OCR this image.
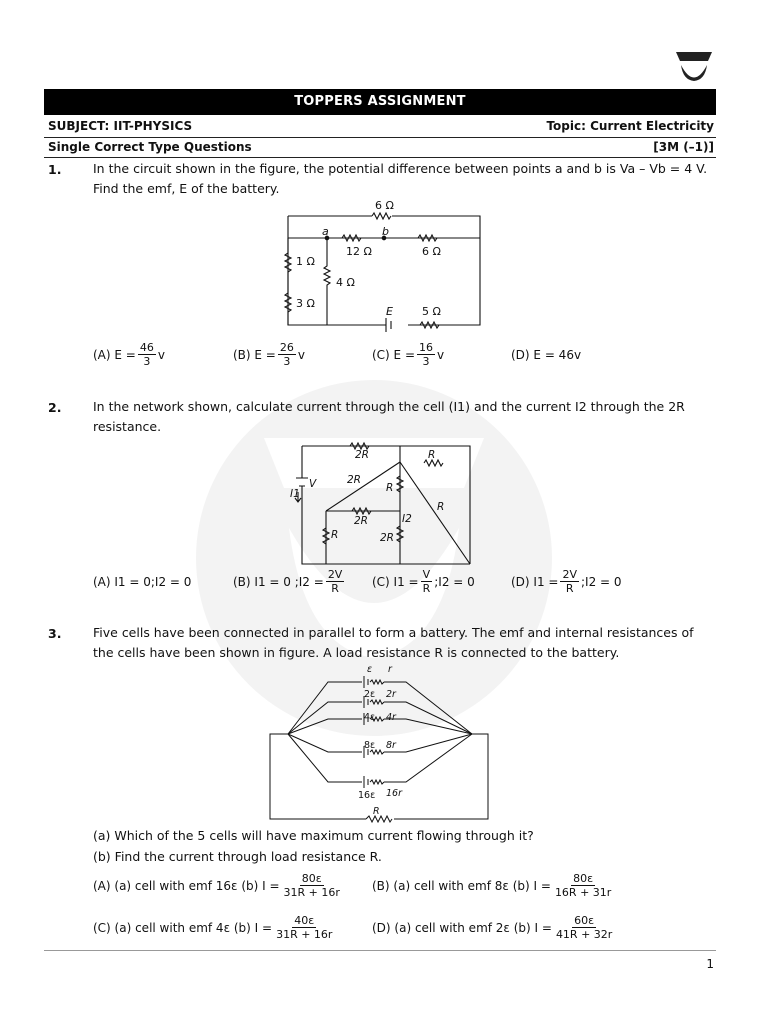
TOPPERS ASSIGNMENT
SUBJECT: IIT-PHYSICS	Topic: Current Electricity
Single Correct Type Questions	[3M (–1)]
1.	In the circuit shown in the figure, the potential difference between points a and b is Va – Vb = 4 V. Find the emf, E of the battery.
6 Ω
a	b
12 Ω	6 Ω
1 Ω
4 Ω
3 Ω
E	5 Ω
(A) $E = \frac{46}{3}$ v	(B) $E = \frac{26}{3}$ v	(C) $E = \frac{16}{3}$ v	(D) E = 46v
2.	In the network shown, calculate current through the cell (I1) and the current I2 through the 2R resistance.
2R	R
V
I1
2R
R
R
2R	I2
R	2R
(A) I1 = 0;I2 = 0	(B) I1 = 0 ;I2 = $\frac{2V}{R} (C) I1 = \frac{V}{R}$ ;I2 = 0	(D) $I1 = \frac{2V}{R}$ ;I2 = 0
3.	Five cells have been connected in parallel to form a battery. The emf and internal resistances of the cells have been shown in figure. A load resistance R is connected to the battery.
ε r
2ε 2r
4ε 4r
8ε 8r
16ε 16r
R
(a) Which of the 5 cells will have maximum current flowing through it?
(b) Find the current through load resistance R.
(A) (a) cell with emf 16ε (b) $I = \frac{80\varepsilon}{31R + 16r}$	(B) (a) cell with emf 8ε (b) $I = \frac{80\varepsilon}{16R + 31r}$
(C) (a) cell with emf 4ε (b) $I = \frac{40\varepsilon}{31R + 16r}$	(D) (a) cell with emf 2ε (b) $I = \frac{60\varepsilon}{41R + 32r}$
1
